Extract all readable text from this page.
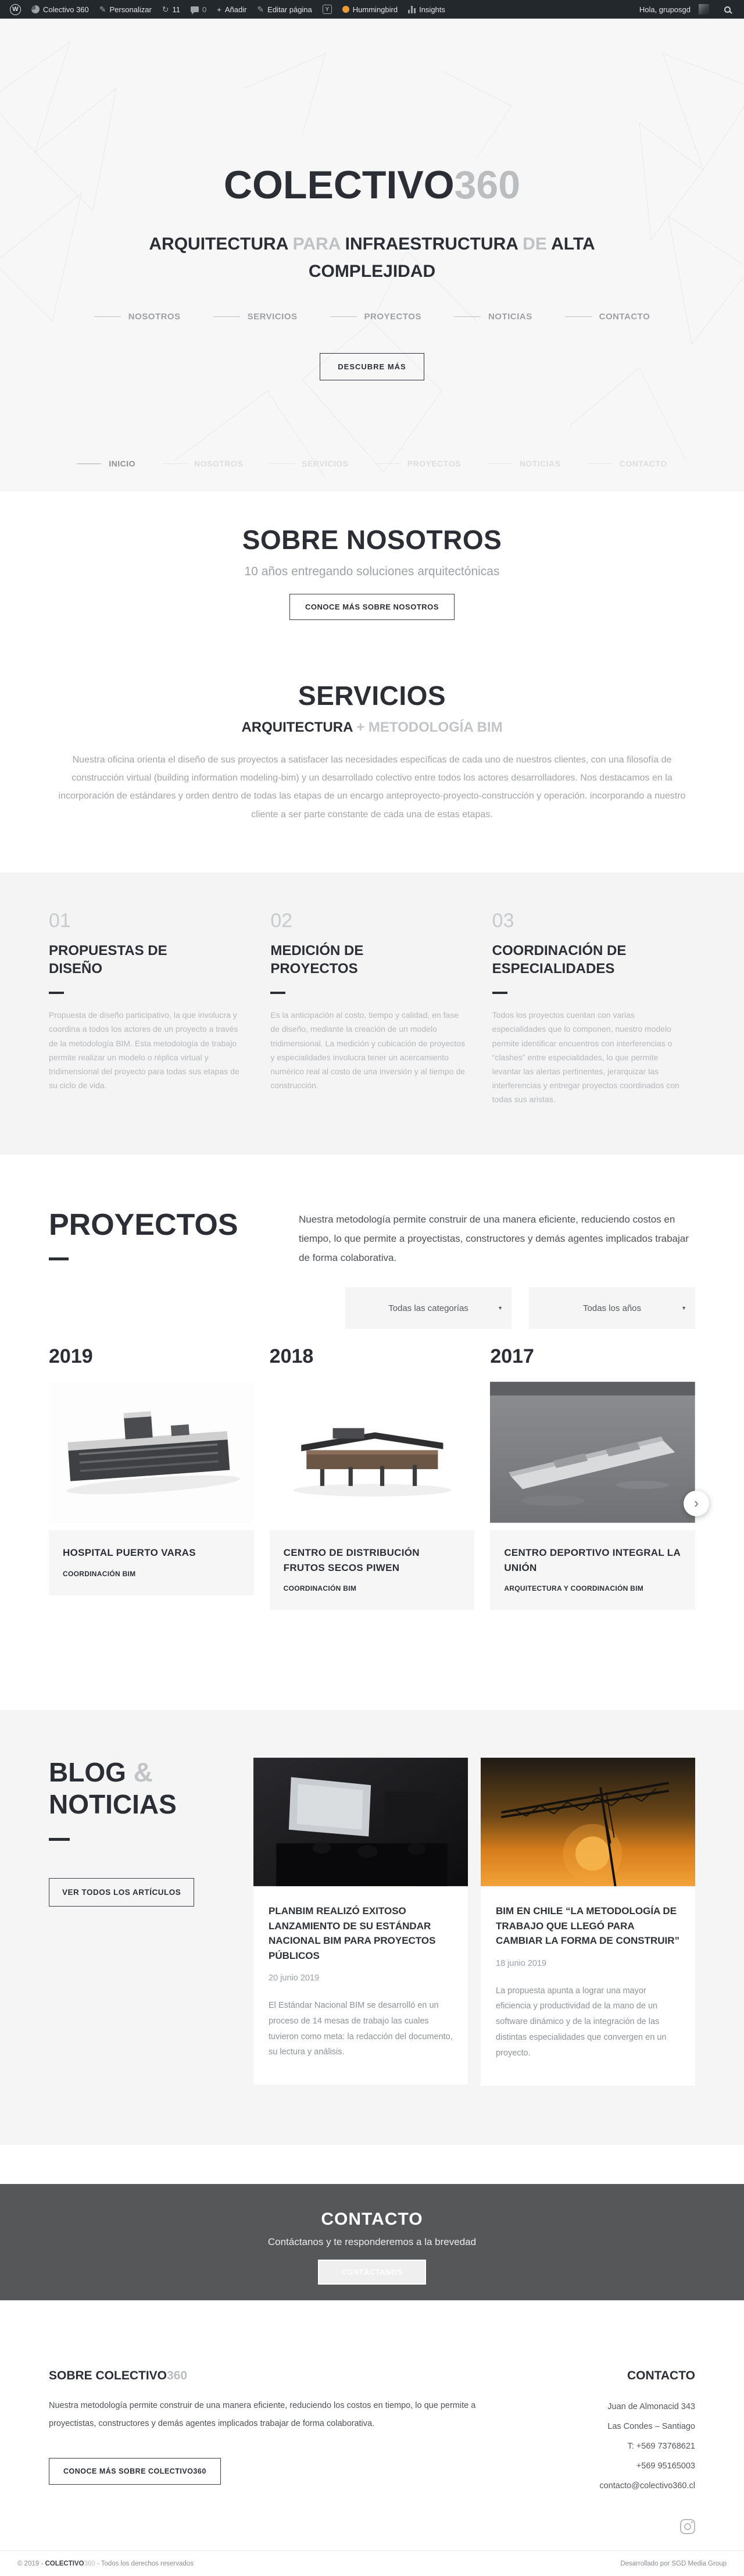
W	Colectivo 360 ✎ Personalizar ↻ 11	0 + Añadir ✎ Editar página	Y	Hummingbird	Insights	Hola, gruposgd
COLECTIVO360
ARQUITECTURA PARA INFRAESTRUCTURA DE ALTA COMPLEJIDAD
NOSOTROS	SERVICIOS	PROYECTOS	NOTICIAS	CONTACTO
DESCUBRE MÁS
INICIO	NOSOTROS	SERVICIOS	PROYECTOS	NOTICIAS	CONTACTO
SOBRE NOSOTROS
10 años entregando soluciones arquitectónicas
CONOCE MÁS SOBRE NOSOTROS
SERVICIOS
ARQUITECTURA + METODOLOGÍA BIM

Nuestra oficina orienta el diseño de sus proyectos a satisfacer las necesidades específicas de cada uno de nuestros clientes, con una filosofía de construcción virtual (building information modeling-bim) y un desarrollado colectivo entre todos los actores desarrolladores. Nos destacamos en la incorporación de estándares y orden dentro de todas las etapas de un encargo anteproyecto-proyecto-construcción y operación. incorporando a nuestro cliente a ser parte constante de cada una de estas etapas.

01
PROPUESTAS DE DISEÑO
Propuesta de diseño participativo, la que involucra y coordina a todos los actores de un proyecto a través de la metodología BIM. Esta metodología de trabajo permite realizar un modelo o réplica virtual y tridimensional del proyecto para todas sus etapas de su ciclo de vida.
02
MEDICIÓN DE PROYECTOS
Es la anticipación al costo, tiempo y calidad, en fase de diseño, mediante la creación de un modelo tridimensional. La medición y cubicación de proyectos y especialidades involucra tener un acercamiento numérico real al costo de una inversión y al tiempo de construcción.
03
COORDINACIÓN DE ESPECIALIDADES
Todos los proyectos cuentan con varias especialidades que lo componen, nuestro modelo permite identificar encuentros con interferencias o “clashes” entre especialidades, lo que permite levantar las alertas pertinentes, jerarquizar las interferencias y entregar proyectos coordinados con todas sus aristas.
PROYECTOS	Nuestra metodología permite construir de una manera eficiente, reduciendo costos en tiempo, lo que permite a proyectistas, constructores y demás agentes implicados trabajar de forma colaborativa.

Todas las categorías	▼	Todas los años	▼
2019
HOSPITAL PUERTO VARAS
COORDINACIÓN BIM
2018
CENTRO DE DISTRIBUCIÓN FRUTOS SECOS PIWEN
COORDINACIÓN BIM
2017
CENTRO DEPORTIVO INTEGRAL LA UNIÓN
ARQUITECTURA Y COORDINACIÓN BIM
›
BLOG &
NOTICIAS
VER TODOS LOS ARTÍCULOS
PLANBIM REALIZÓ EXITOSO LANZAMIENTO DE SU ESTÁNDAR NACIONAL BIM PARA PROYECTOS PÚBLICOS
20 junio 2019
El Estándar Nacional BIM se desarrolló en un proceso de 14 mesas de trabajo las cuales tuvieron como meta: la redacción del documento, su lectura y análisis.
BIM EN CHILE “LA METODOLOGÍA DE TRABAJO QUE LLEGÓ PARA CAMBIAR LA FORMA DE CONSTRUIR”
18 junio 2019
La propuesta apunta a lograr una mayor eficiencia y productividad de la mano de un software dinámico y de la integración de las distintas especialidades que convergen en un proyecto.
CONTACTO
Contáctanos y te responderemos a la brevedad
CONTÁCTANOS
SOBRE COLECTIVO360

Nuestra metodología permite construir de una manera eficiente, reduciendo los costos en tiempo, lo que permite a proyectistas, constructores y demás agentes implicados trabajar de forma colaborativa.

CONOCE MÁS SOBRE COLECTIVO360
CONTACTO
Juan de Almonacid 343
Las Condes – Santiago
T: +569 73768621
+569 95165003
contacto@colectivo360.cl
© 2019 - COLECTIVO360 - Todos los derechos reservados	Desarrollado por SGD Media Group
